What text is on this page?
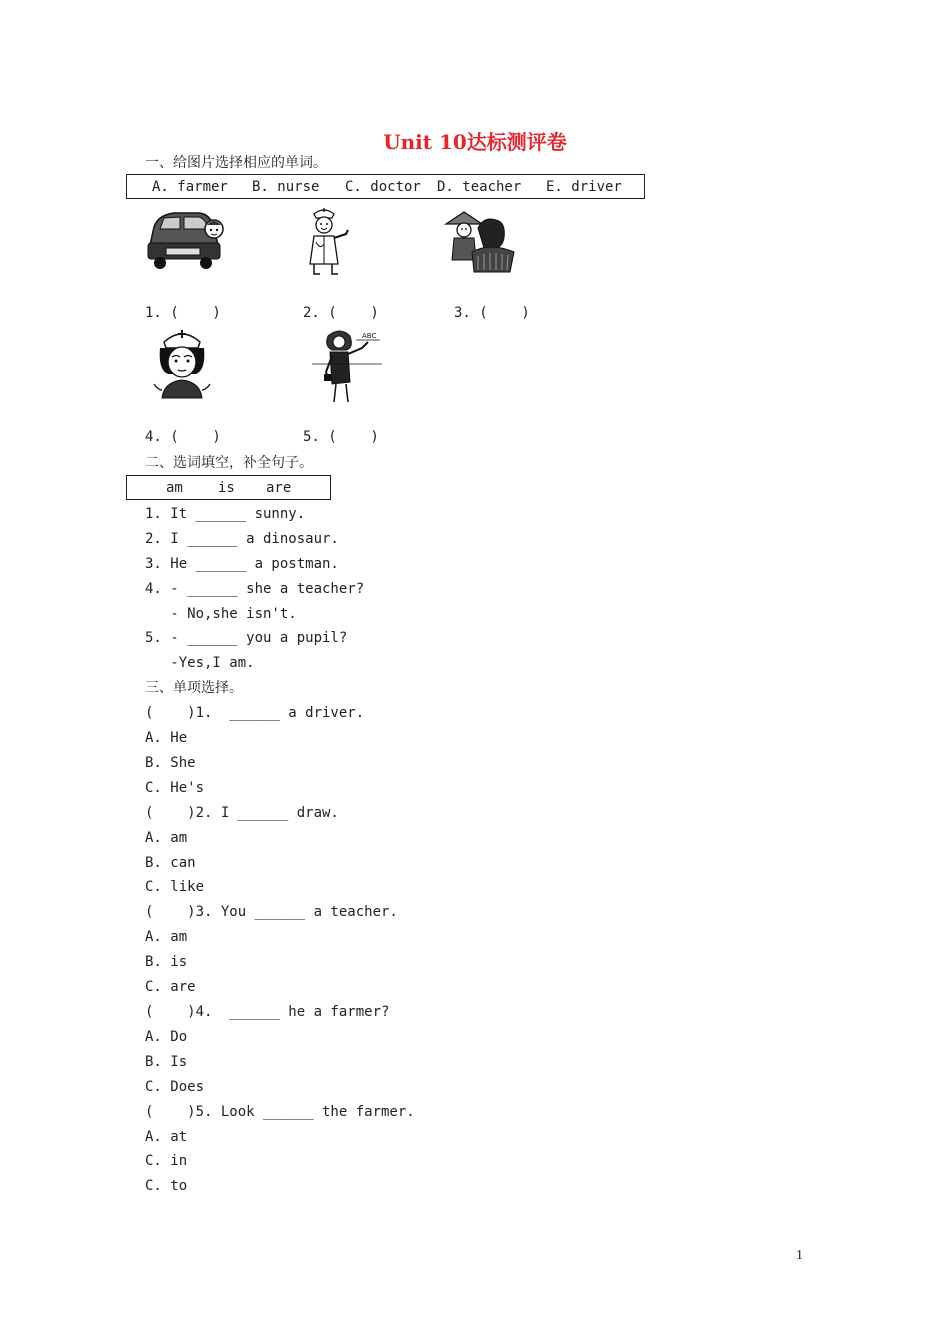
Unit 10达标测评卷
一、给图片选择相应的单词。
A. farmer B. nurse C. doctor D. teacher E. driver
1. (    )	2. (    )	3. (    )
ABC
4. (    )	5. (    )
二、选词填空，补全句子。
am	is are
1. It ______ sunny.
2. I ______ a dinosaur.
3. He ______ a postman.
4. - ______ she a teacher?
- No,she isn't.
5. - ______ you a pupil?
-Yes,I am.
三、单项选择。
(    )1.  ______ a driver.
A. He
B. She
C. He's
(    )2. I ______ draw.
A. am
B. can
C. like
(    )3. You ______ a teacher.
A. am
B. is
C. are
(    )4.  ______ he a farmer?
A. Do
B. Is
C. Does
(    )5. Look ______ the farmer.
A. at
C. in
C. to
1
